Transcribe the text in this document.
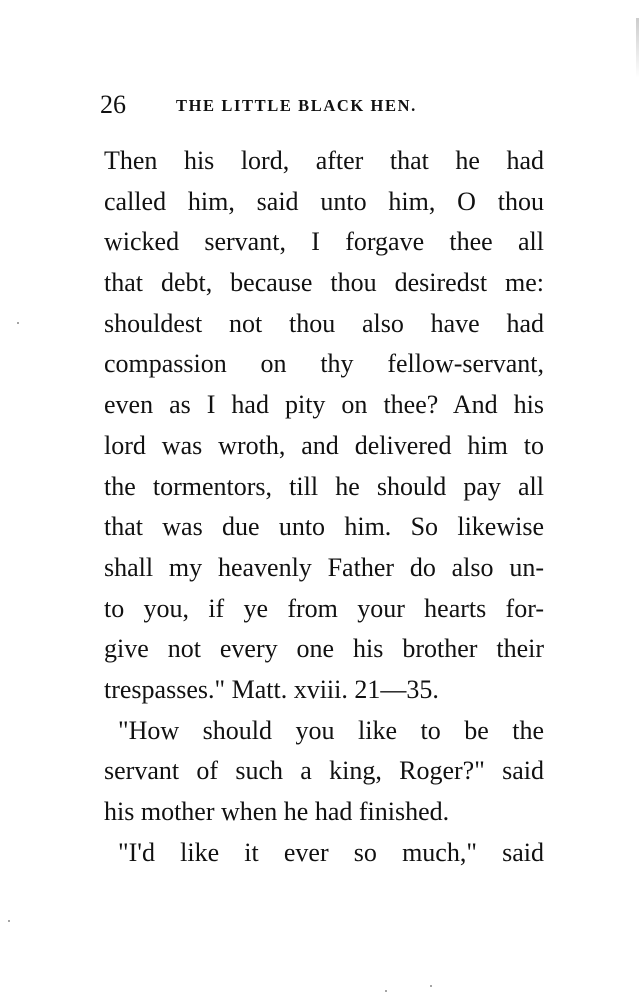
26	THE LITTLE BLACK HEN.
Then his lord, after that he had
called him, said unto him, O thou
wicked servant, I forgave thee all
that debt, because thou desiredst me:
shouldest not thou also have had
compassion on thy fellow-servant,
even as I had pity on thee? And his
lord was wroth, and delivered him to
the tormentors, till he should pay all
that was due unto him. So likewise
shall my heavenly Father do also un-
to you, if ye from your hearts for-
give not every one his brother their
trespasses." Matt. xviii. 21—35.
"How should you like to be the
servant of such a king, Roger?" said
his mother when he had finished.
"I'd like it ever so much," said
